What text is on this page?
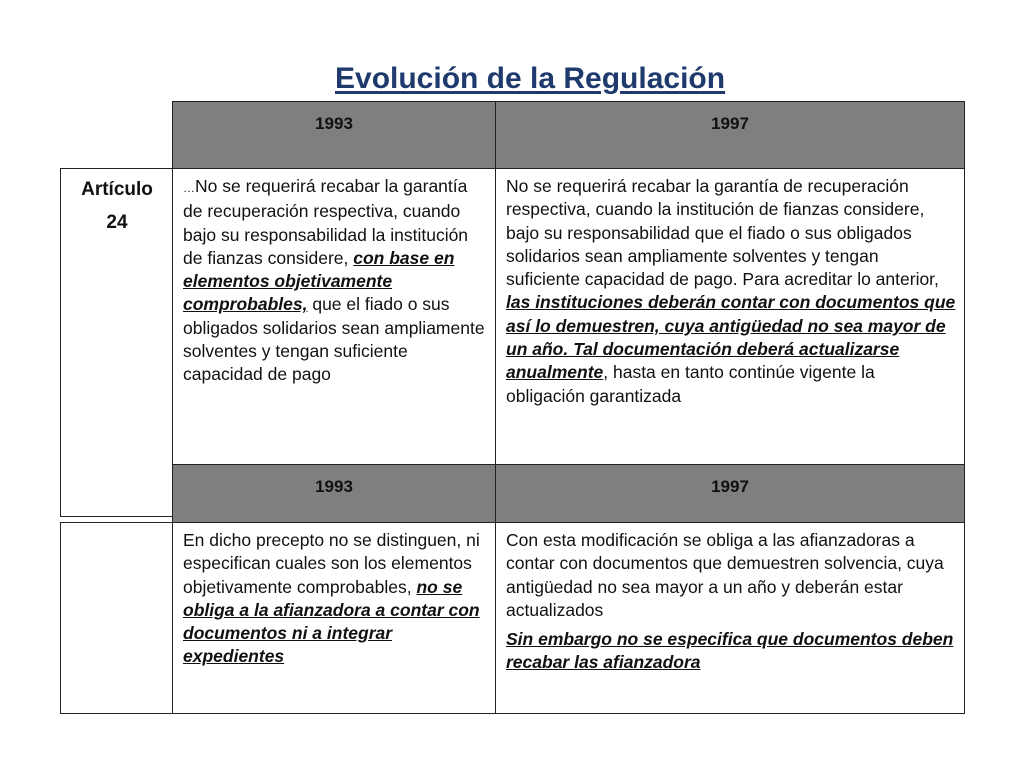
Evolución de la Regulación
1993	1997
Artículo
24
…No se requerirá recabar la garantía de recuperación respectiva, cuando bajo su responsabilidad la institución de fianzas considere, con base en elementos objetivamente comprobables, que el fiado o sus obligados solidarios sean ampliamente solventes y tengan suficiente capacidad de pago
No se requerirá recabar la garantía de recuperación respectiva, cuando la institución de fianzas considere, bajo su responsabilidad que el fiado o sus obligados solidarios sean ampliamente solventes y tengan suficiente capacidad de pago. Para acreditar lo anterior, las instituciones deberán contar con documentos que así lo demuestren, cuya antigüedad no sea mayor de un año. Tal documentación deberá actualizarse anualmente, hasta en tanto continúe vigente la obligación garantizada
1993	1997
En dicho precepto no se distinguen, ni especifican cuales son los elementos objetivamente comprobables, no se obliga a la afianzadora a contar con documentos ni a integrar expedientes
Con esta modificación se obliga a las afianzadoras a contar con documentos que demuestren solvencia, cuya antigüedad no sea mayor a un año y deberán estar actualizados
Sin embargo no se especifica que documentos deben recabar las afianzadora
